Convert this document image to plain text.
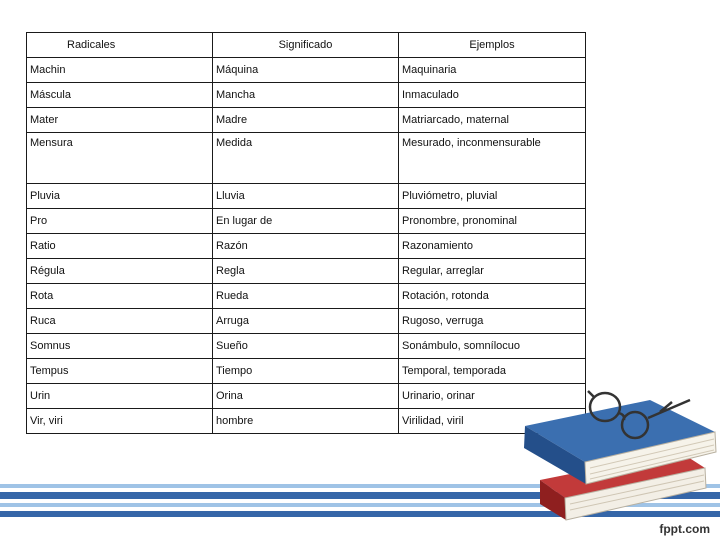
Radicales	Significado	Ejemplos
Machin	Máquina	Maquinaria
Máscula	Mancha	Inmaculado
Mater	Madre	Matriarcado, maternal
Mensura	Medida	Mesurado, inconmensurable
Pluvia	Lluvia	Pluviómetro, pluvial
Pro	En lugar de	Pronombre, pronominal
Ratio	Razón	Razonamiento
Régula	Regla	Regular, arreglar
Rota	Rueda	Rotación, rotonda
Ruca	Arruga	Rugoso, verruga
Somnus	Sueño	Sonámbulo, somnílocuo
Tempus	Tiempo	Temporal, temporada
Urin	Orina	Urinario, orinar
Vir, viri	hombre	Virilidad, viril
fppt.com
